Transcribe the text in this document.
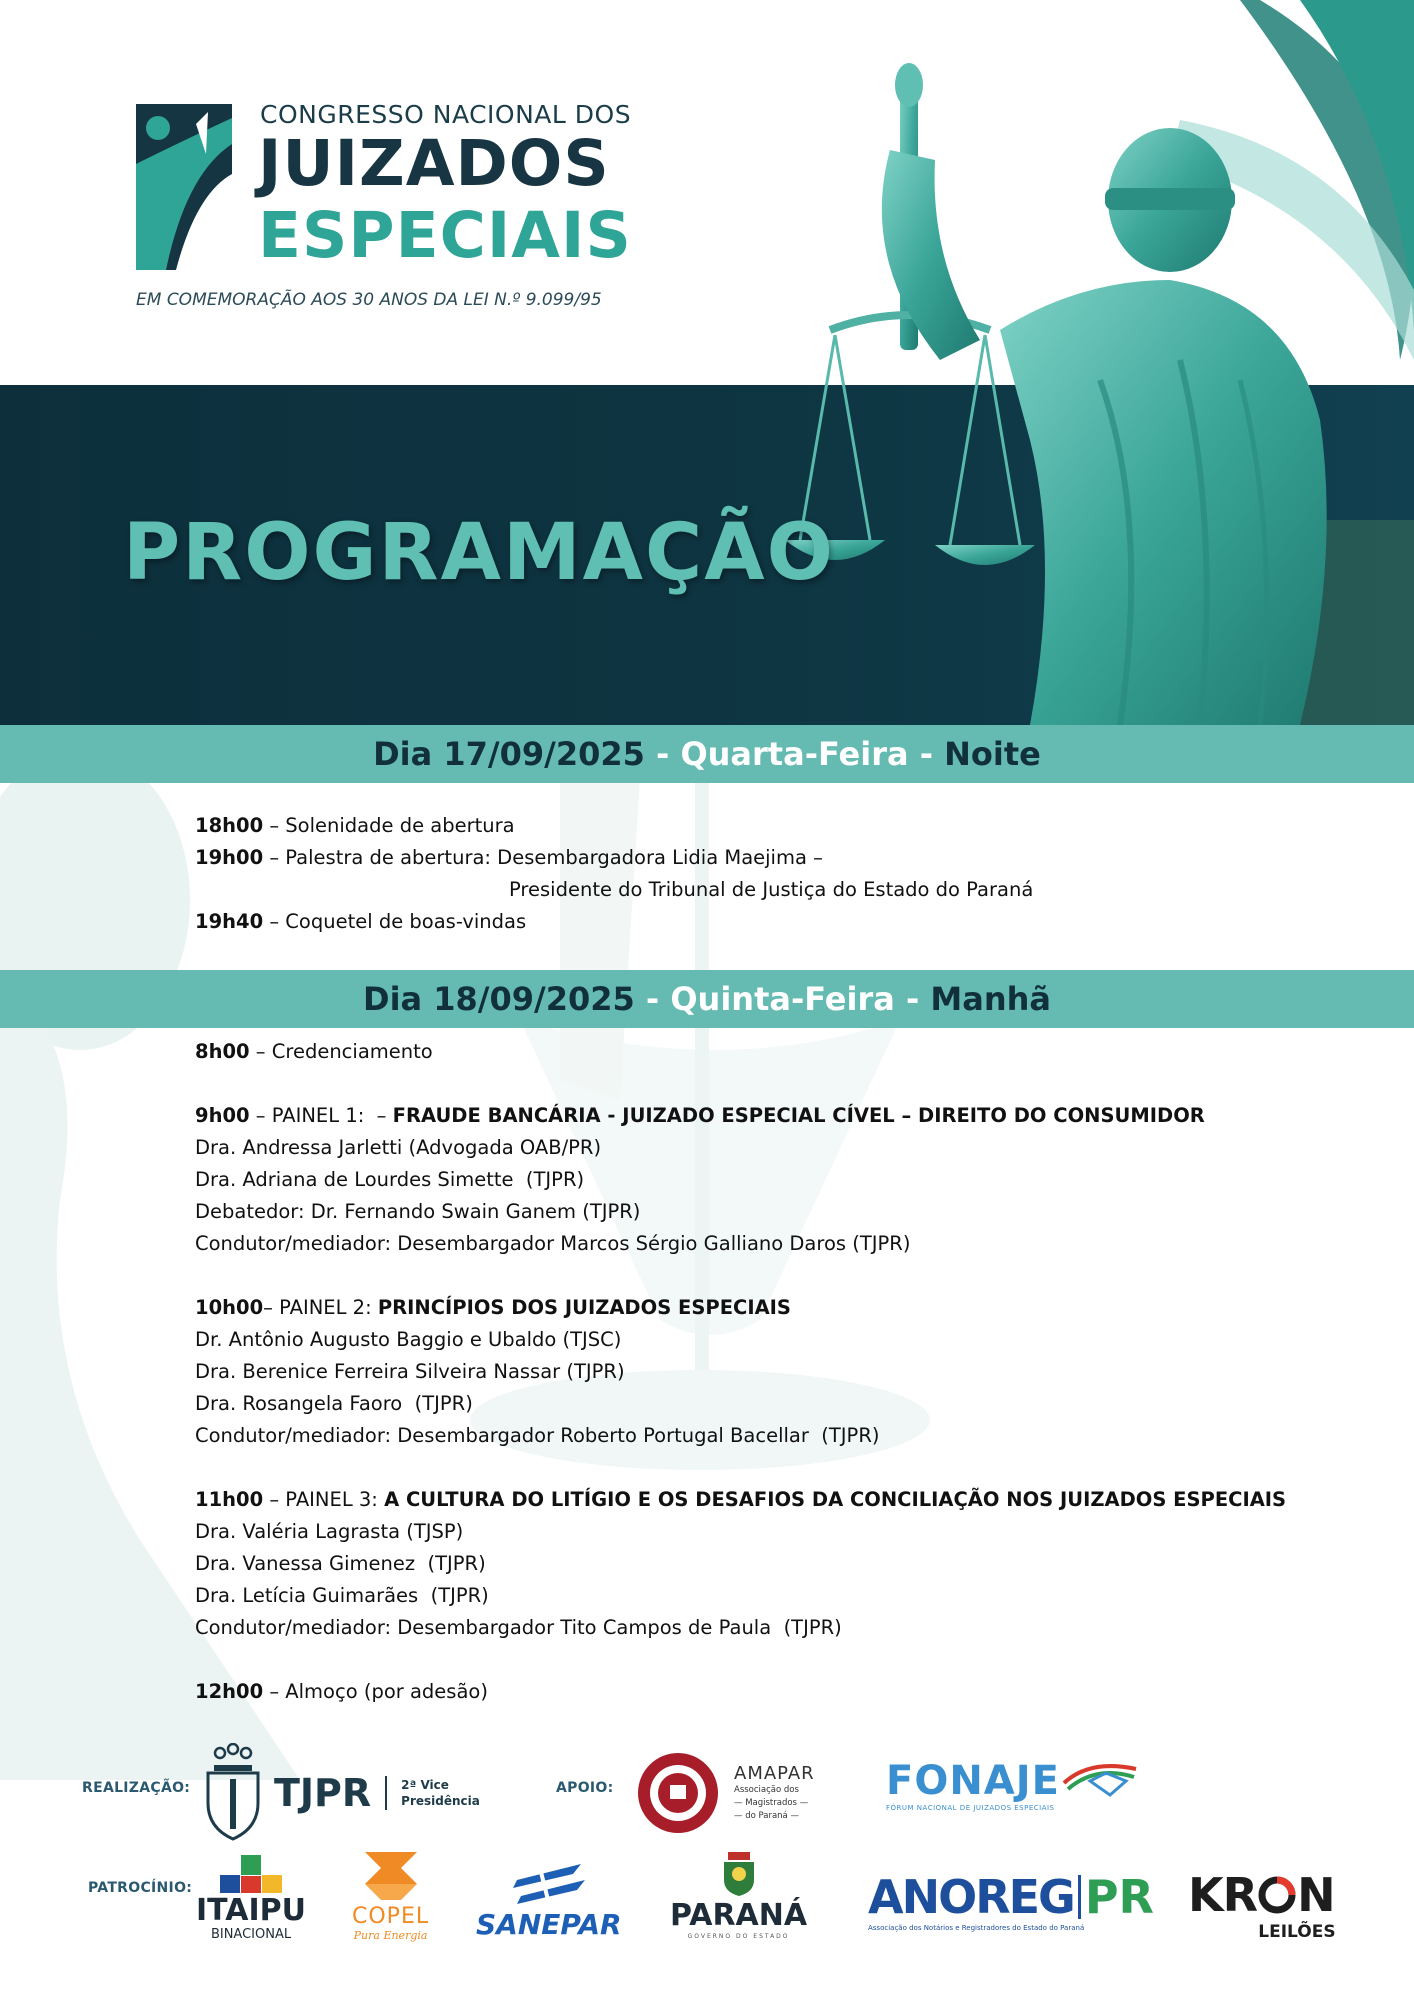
CONGRESSO NACIONAL DOS
JUIZADOS
ESPECIAIS
EM COMEMORAÇÃO AOS 30 ANOS DA LEI N.º 9.099/95
PROGRAMAÇÃO
Dia 17/09/2025 - Quarta-Feira - Noite
18h00 – Solenidade de abertura
19h00 – Palestra de abertura: Desembargadora Lidia Maejima –
Presidente do Tribunal de Justiça do Estado do Paraná
19h40 – Coquetel de boas-vindas
Dia 18/09/2025 - Quinta-Feira - Manhã
8h00 – Credenciamento
9h00 – PAINEL 1:  – FRAUDE BANCÁRIA - JUIZADO ESPECIAL CÍVEL – DIREITO DO CONSUMIDOR
Dra. Andressa Jarletti (Advogada OAB/PR)
Dra. Adriana de Lourdes Simette  (TJPR)
Debatedor: Dr. Fernando Swain Ganem (TJPR)
Condutor/mediador: Desembargador Marcos Sérgio Galliano Daros (TJPR)
10h00– PAINEL 2: PRINCÍPIOS DOS JUIZADOS ESPECIAIS
Dr. Antônio Augusto Baggio e Ubaldo (TJSC)
Dra. Berenice Ferreira Silveira Nassar (TJPR)
Dra. Rosangela Faoro  (TJPR)
Condutor/mediador: Desembargador Roberto Portugal Bacellar  (TJPR)
11h00 – PAINEL 3: A CULTURA DO LITÍGIO E OS DESAFIOS DA CONCILIAÇÃO NOS JUIZADOS ESPECIAIS
Dra. Valéria Lagrasta (TJSP)
Dra. Vanessa Gimenez  (TJPR)
Dra. Letícia Guimarães  (TJPR)
Condutor/mediador: Desembargador Tito Campos de Paula  (TJPR)
12h00 – Almoço (por adesão)
REALIZAÇÃO:	APOIO:
PATROCÍNIO:
TJPR	2ª Vice
Presidência
AMAPAR
Associação dos
— Magistrados —
— do Paraná —
FONAJE
FÓRUM NACIONAL DE JUIZADOS ESPECIAIS
ITAIPU
BINACIONAL
COPEL
Pura Energia SANEPAR PARANÁ
GOVERNO DO ESTADO
ANOREG PR
Associação dos Notários e Registradores do Estado do Paraná
KR N
LEILÕES
